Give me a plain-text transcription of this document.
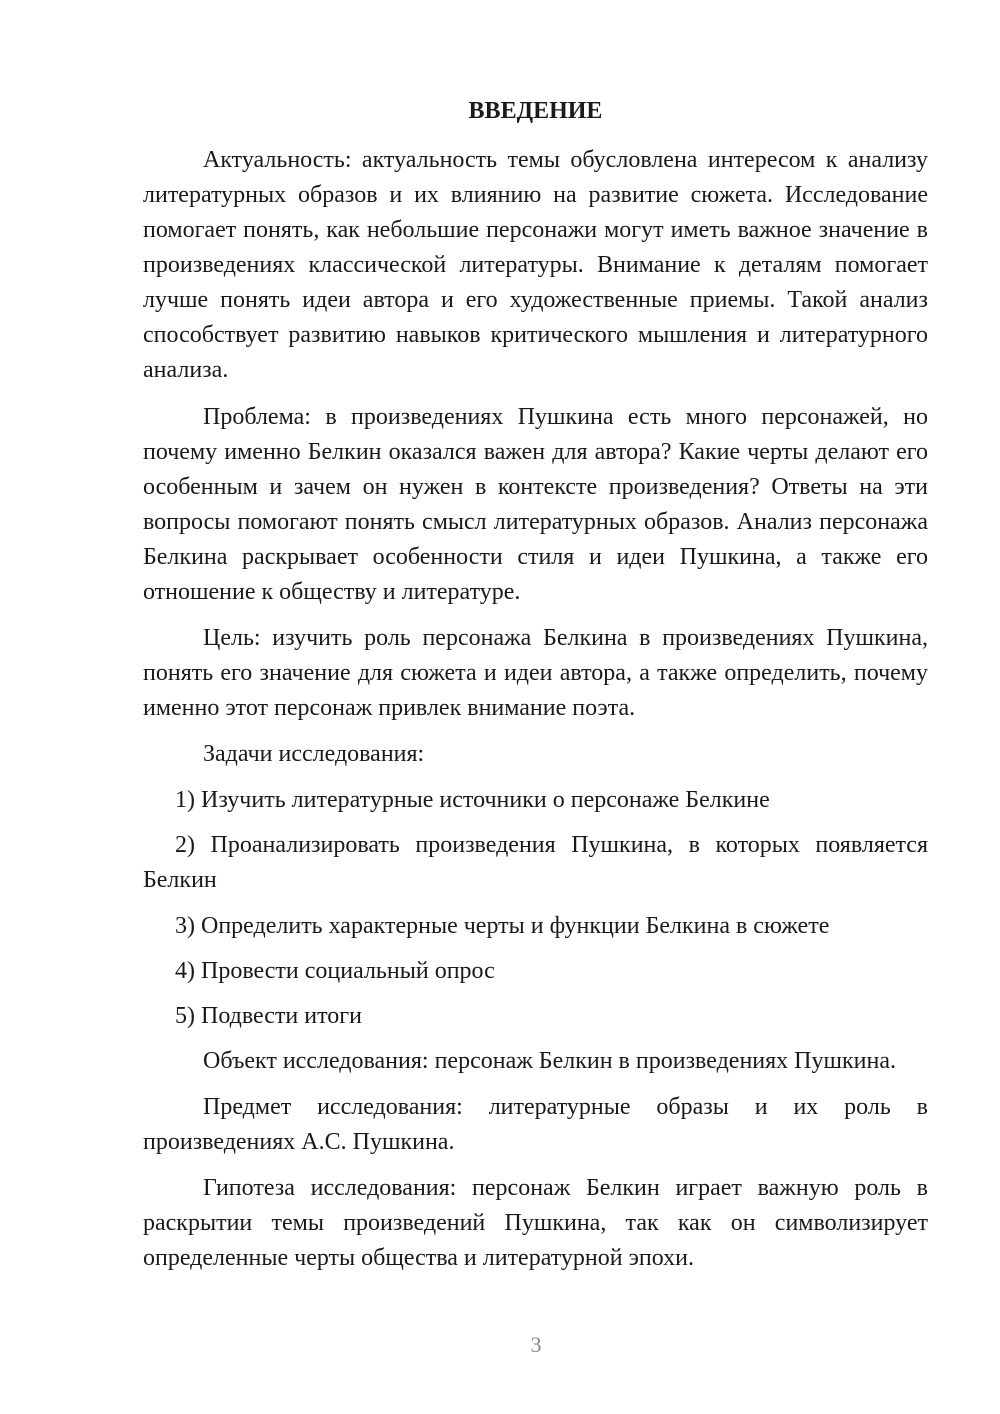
ВВЕДЕНИЕ

Актуальность: актуальность темы обусловлена интересом к анализу литературных образов и их влиянию на развитие сюжета. Исследование помогает понять, как небольшие персонажи могут иметь важное значение в произведениях классической литературы. Внимание к деталям помогает лучше понять идеи автора и его художественные приемы. Такой анализ способствует развитию навыков критического мышления и литературного анализа.

Проблема: в произведениях Пушкина есть много персонажей, но почему именно Белкин оказался важен для автора? Какие черты делают его особенным и зачем он нужен в контексте произведения? Ответы на эти вопросы помогают понять смысл литературных образов. Анализ персонажа Белкина раскрывает особенности стиля и идеи Пушкина, а также его отношение к обществу и литературе.

Цель: изучить роль персонажа Белкина в произведениях Пушкина, понять его значение для сюжета и идеи автора, а также определить, почему именно этот персонаж привлек внимание поэта.

Задачи исследования:

1) Изучить литературные источники о персонаже Белкине

2) Проанализировать произведения Пушкина, в которых появляется Белкин

3) Определить характерные черты и функции Белкина в сюжете

4) Провести социальный опрос

5) Подвести итоги

Объект исследования: персонаж Белкин в произведениях Пушкина.

Предмет исследования: литературные образы и их роль в произведениях А.С. Пушкина.

Гипотеза исследования: персонаж Белкин играет важную роль в раскрытии темы произведений Пушкина, так как он символизирует определенные черты общества и литературной эпохи.

3
